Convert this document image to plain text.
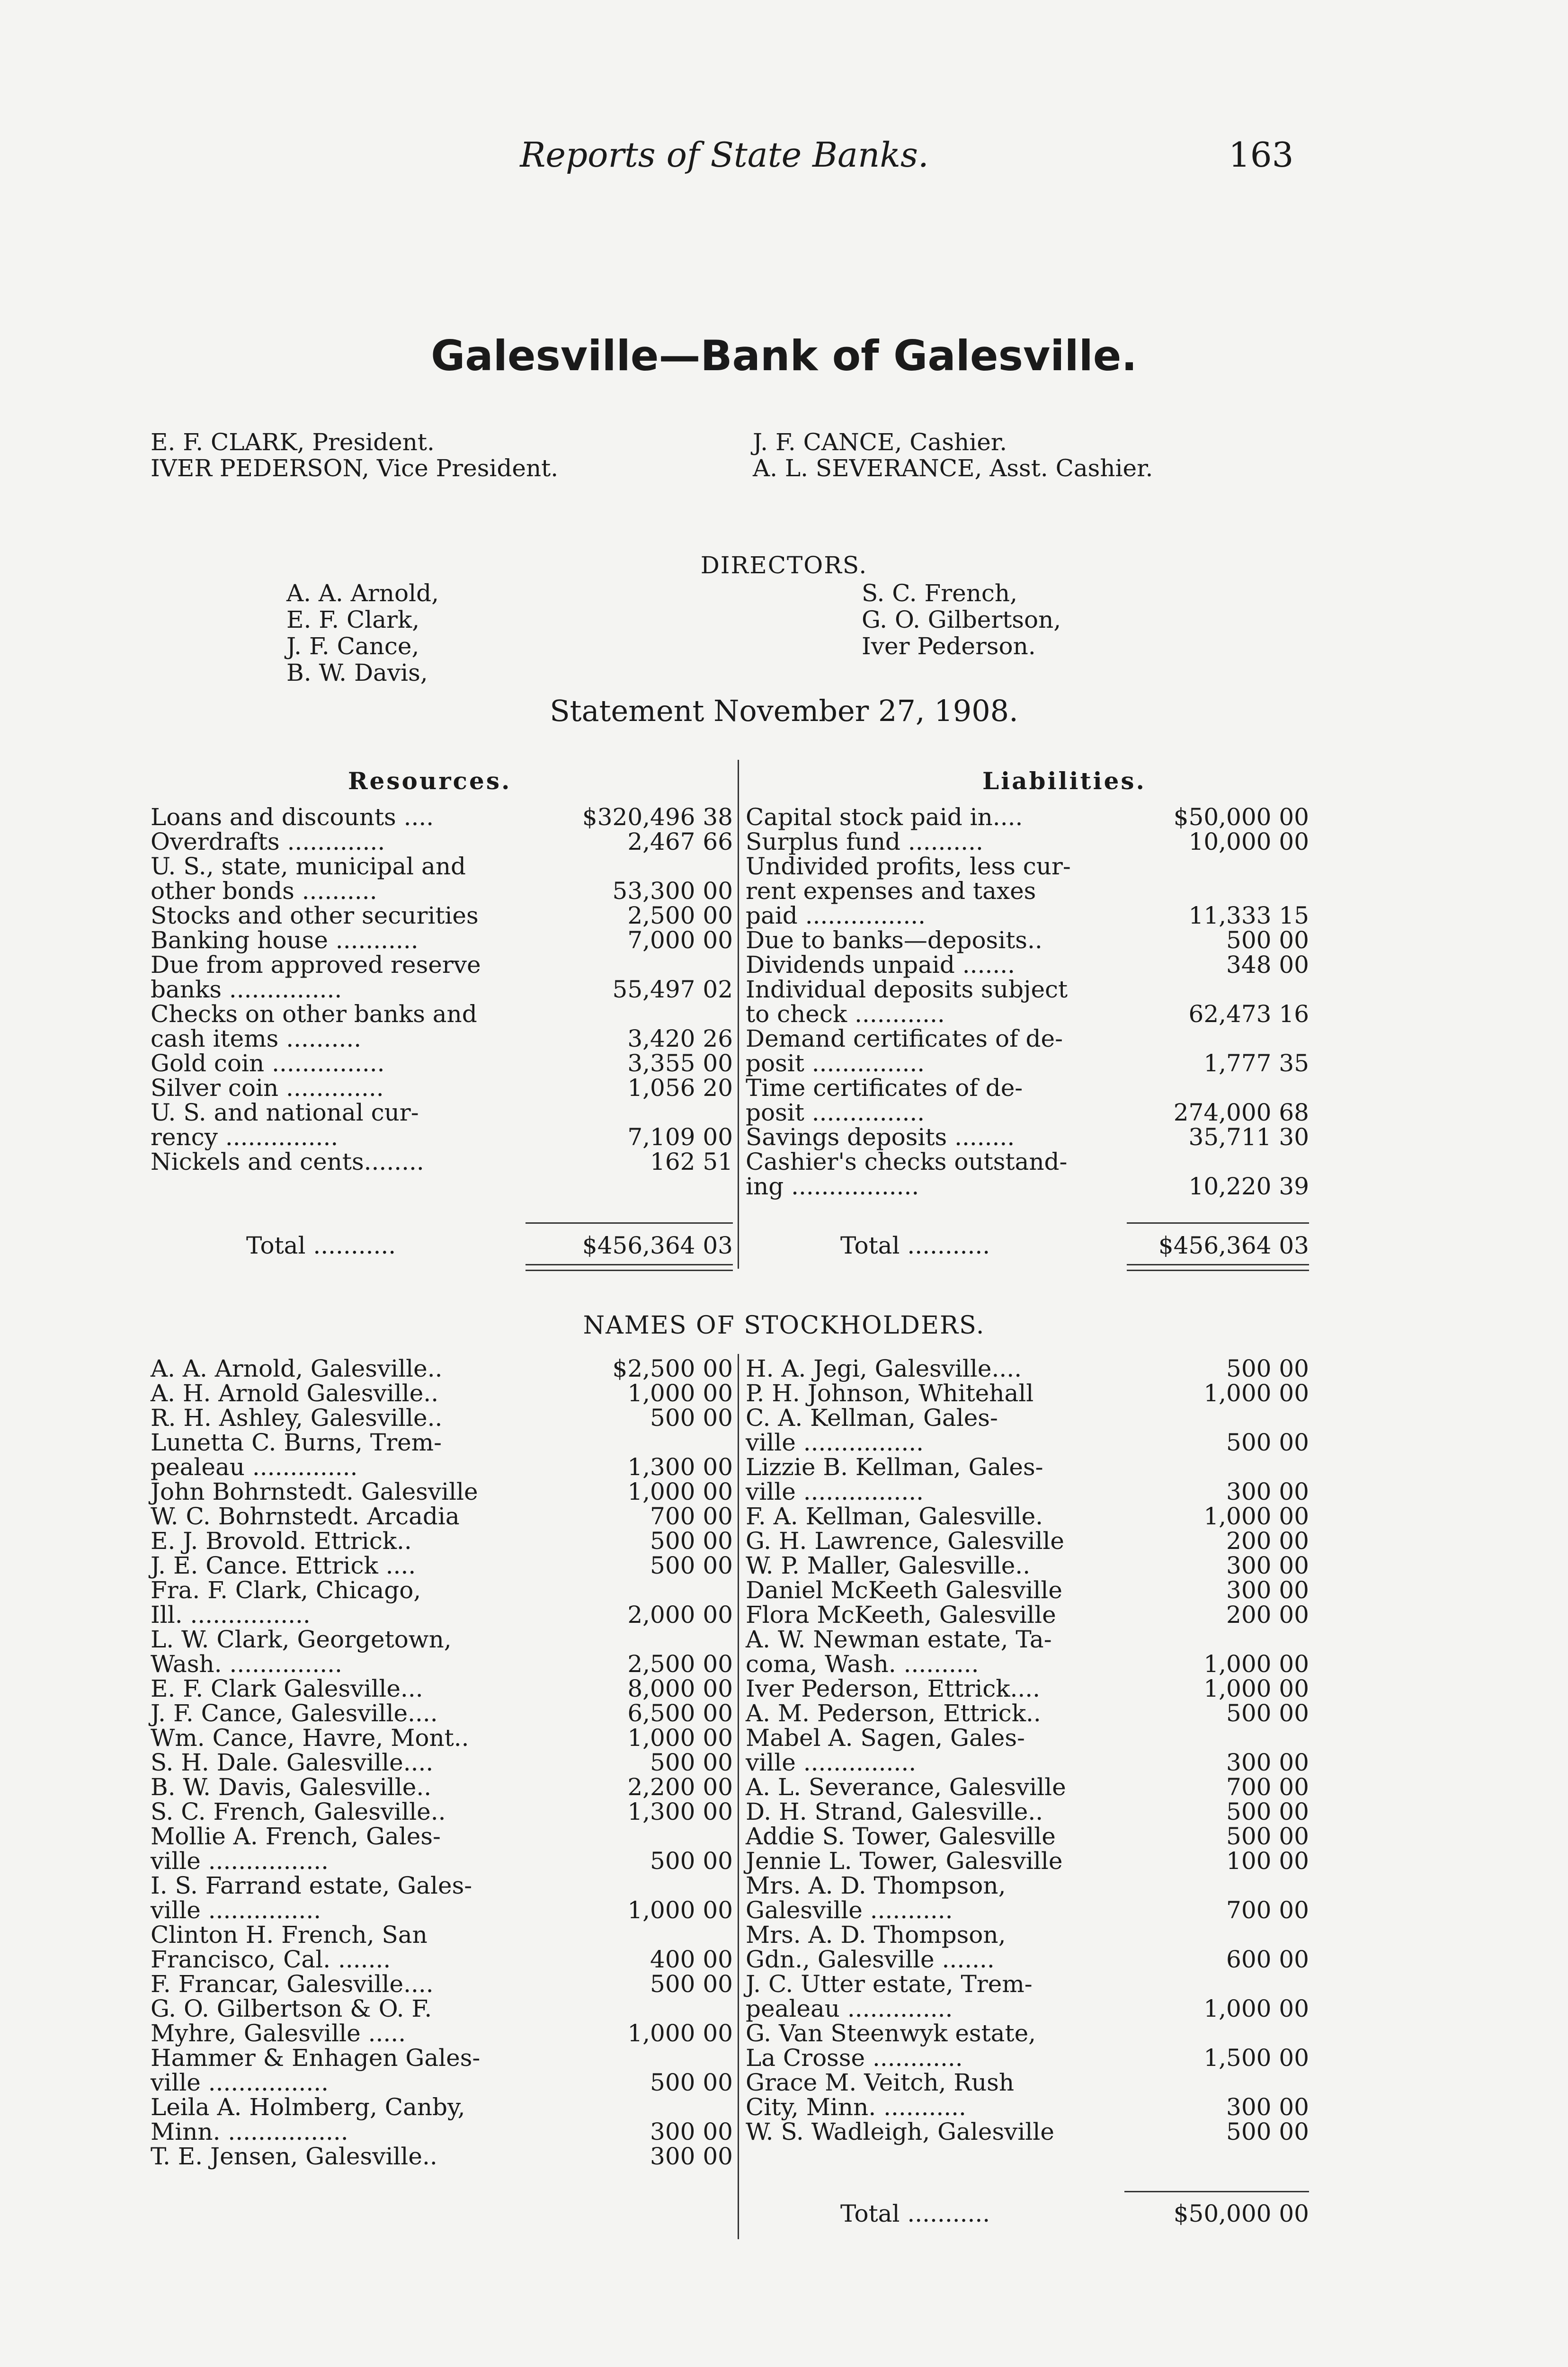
Reports of State Banks.	163
Galesville—Bank of Galesville.
E. F. CLARK, President.
IVER PEDERSON, Vice President.
J. F. CANCE, Cashier.
A. L. SEVERANCE, Asst. Cashier.
DIRECTORS.
A. A. Arnold,
E. F. Clark,
J. F. Cance,
B. W. Davis,
S. C. French,
G. O. Gilbertson,
Iver Pederson.
Statement November 27, 1908.
Resources.	Liabilities.
Loans and discounts ....	$320,496 38
Overdrafts .............	2,467 66
U. S., state, municipal and
other bonds ..........	53,300 00
Stocks and other securities	2,500 00
Banking house ...........	7,000 00
Due from approved reserve
banks ...............	55,497 02
Checks on other banks and
cash items ..........	3,420 26
Gold coin ...............	3,355 00
Silver coin .............	1,056 20
U. S. and national cur-
rency ...............	7,109 00
Nickels and cents........	162 51
Capital stock paid in....	$50,000 00
Surplus fund ..........	10,000 00
Undivided profits, less cur-
rent expenses and taxes
paid ................	11,333 15
Due to banks—deposits..	500 00
Dividends unpaid .......	348 00
Individual deposits subject
to check ............	62,473 16
Demand certificates of de-
posit ...............	1,777 35
Time certificates of de-
posit ...............	274,000 68
Savings deposits ........	35,711 30
Cashier's checks outstand-
ing .................	10,220 39
Total ...........	$456,364 03	Total ...........	$456,364 03
NAMES OF STOCKHOLDERS.
A. A. Arnold, Galesville..	$2,500 00
A. H. Arnold Galesville..	1,000 00
R. H. Ashley, Galesville..	500 00
Lunetta C. Burns, Trem-
pealeau ..............	1,300 00
John Bohrnstedt. Galesville	1,000 00
W. C. Bohrnstedt. Arcadia	700 00
E. J. Brovold. Ettrick..	500 00
J. E. Cance. Ettrick ....	500 00
Fra. F. Clark, Chicago,
Ill. ................	2,000 00
L. W. Clark, Georgetown,
Wash. ...............	2,500 00
E. F. Clark Galesville...	8,000 00
J. F. Cance, Galesville....	6,500 00
Wm. Cance, Havre, Mont..	1,000 00
S. H. Dale. Galesville....	500 00
B. W. Davis, Galesville..	2,200 00
S. C. French, Galesville..	1,300 00
Mollie A. French, Gales-
ville ................	500 00
I. S. Farrand estate, Gales-
ville ...............	1,000 00
Clinton H. French, San
Francisco, Cal. .......	400 00
F. Francar, Galesville....	500 00
G. O. Gilbertson & O. F.
Myhre, Galesville .....	1,000 00
Hammer & Enhagen Gales-
ville ................	500 00
Leila A. Holmberg, Canby,
Minn. ................	300 00
T. E. Jensen, Galesville..	300 00
H. A. Jegi, Galesville....	500 00
P. H. Johnson, Whitehall	1,000 00
C. A. Kellman, Gales-
ville ................	500 00
Lizzie B. Kellman, Gales-
ville ................	300 00
F. A. Kellman, Galesville.	1,000 00
G. H. Lawrence, Galesville	200 00
W. P. Maller, Galesville..	300 00
Daniel McKeeth Galesville	300 00
Flora McKeeth, Galesville	200 00
A. W. Newman estate, Ta-
coma, Wash. ..........	1,000 00
Iver Pederson, Ettrick....	1,000 00
A. M. Pederson, Ettrick..	500 00
Mabel A. Sagen, Gales-
ville ...............	300 00
A. L. Severance, Galesville	700 00
D. H. Strand, Galesville..	500 00
Addie S. Tower, Galesville	500 00
Jennie L. Tower, Galesville	100 00
Mrs. A. D. Thompson,
Galesville ...........	700 00
Mrs. A. D. Thompson,
Gdn., Galesville .......	600 00
J. C. Utter estate, Trem-
pealeau ..............	1,000 00
G. Van Steenwyk estate,
La Crosse ............	1,500 00
Grace M. Veitch, Rush
City, Minn. ...........	300 00
W. S. Wadleigh, Galesville	500 00
Total ...........	$50,000 00
